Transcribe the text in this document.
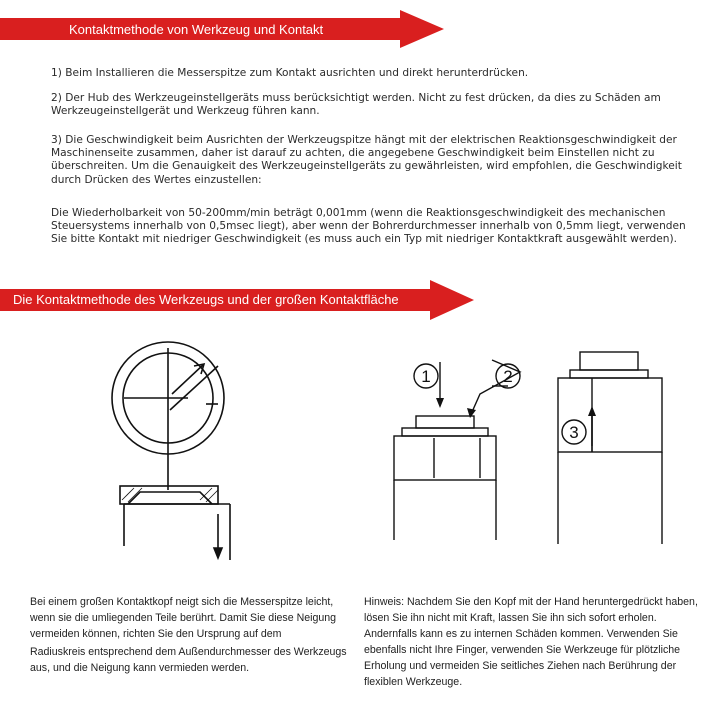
Kontaktmethode von Werkzeug und Kontakt
1) Beim Installieren die Messerspitze zum Kontakt ausrichten und direkt herunterdrücken.
2) Der Hub des Werkzeugeinstellgeräts muss berücksichtigt werden. Nicht zu fest drücken, da dies zu Schäden am Werkzeugeinstellgerät und Werkzeug führen kann.
3) Die Geschwindigkeit beim Ausrichten der Werkzeugspitze hängt mit der elektrischen Reaktionsgeschwindigkeit der Maschinenseite zusammen, daher ist darauf zu achten, die angegebene Geschwindigkeit beim Einstellen nicht zu überschreiten. Um die Genauigkeit des Werkzeugeinstellgeräts zu gewährleisten, wird empfohlen, die Geschwindigkeit durch Drücken des Wertes einzustellen:
Die Wiederholbarkeit von 50-200mm/min beträgt 0,001mm (wenn die Reaktionsgeschwindigkeit des mechanischen Steuersystems innerhalb von 0,5msec liegt), aber wenn der Bohrerdurchmesser innerhalb von 0,5mm liegt, verwenden Sie bitte Kontakt mit niedriger Geschwindigkeit (es muss auch ein Typ mit niedriger Kontaktkraft ausgewählt werden).
Die Kontaktmethode des Werkzeugs und der großen Kontaktfläche
1	2
3
Bei einem großen Kontaktkopf neigt sich die Messerspitze leicht, wenn sie die umliegenden Teile berührt. Damit Sie diese Neigung vermeiden können, richten Sie den Ursprung auf dem
Radiuskreis entsprechend dem Außendurchmesser des Werkzeugs aus, und die Neigung kann vermieden werden.
Hinweis: Nachdem Sie den Kopf mit der Hand heruntergedrückt haben, lösen Sie ihn nicht mit Kraft, lassen Sie ihn sich sofort erholen. Andernfalls kann es zu internen Schäden kommen. Verwenden Sie ebenfalls nicht Ihre Finger, verwenden Sie Werkzeuge für plötzliche Erholung und vermeiden Sie seitliches Ziehen nach Berührung der flexiblen Werkzeuge.
